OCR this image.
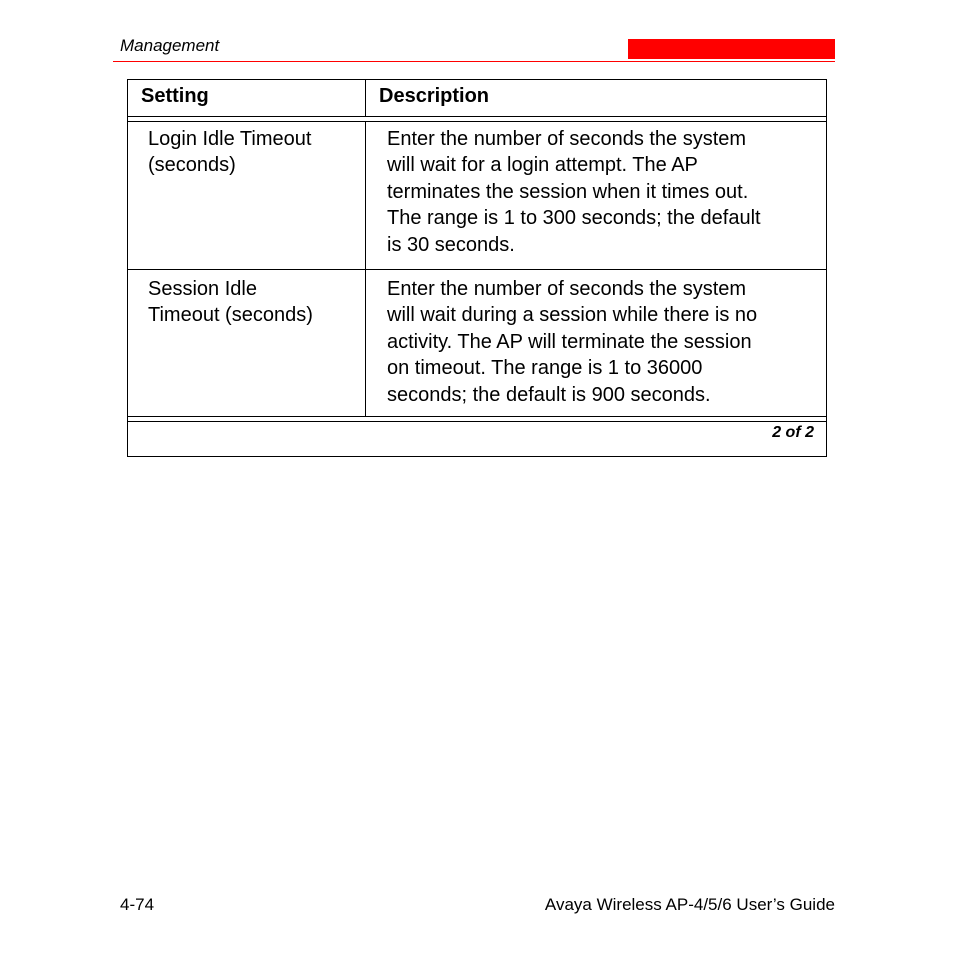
Management
Setting	Description
Login Idle Timeout
(seconds)
Enter the number of seconds the system
will wait for a login attempt. The AP
terminates the session when it times out.
The range is 1 to 300 seconds; the default
is 30 seconds.
Session Idle
Timeout (seconds)
Enter the number of seconds the system
will wait during a session while there is no
activity. The AP will terminate the session
on timeout. The range is 1 to 36000
seconds; the default is 900 seconds.
2 of 2
4-74	Avaya Wireless AP-4/5/6 User’s Guide
